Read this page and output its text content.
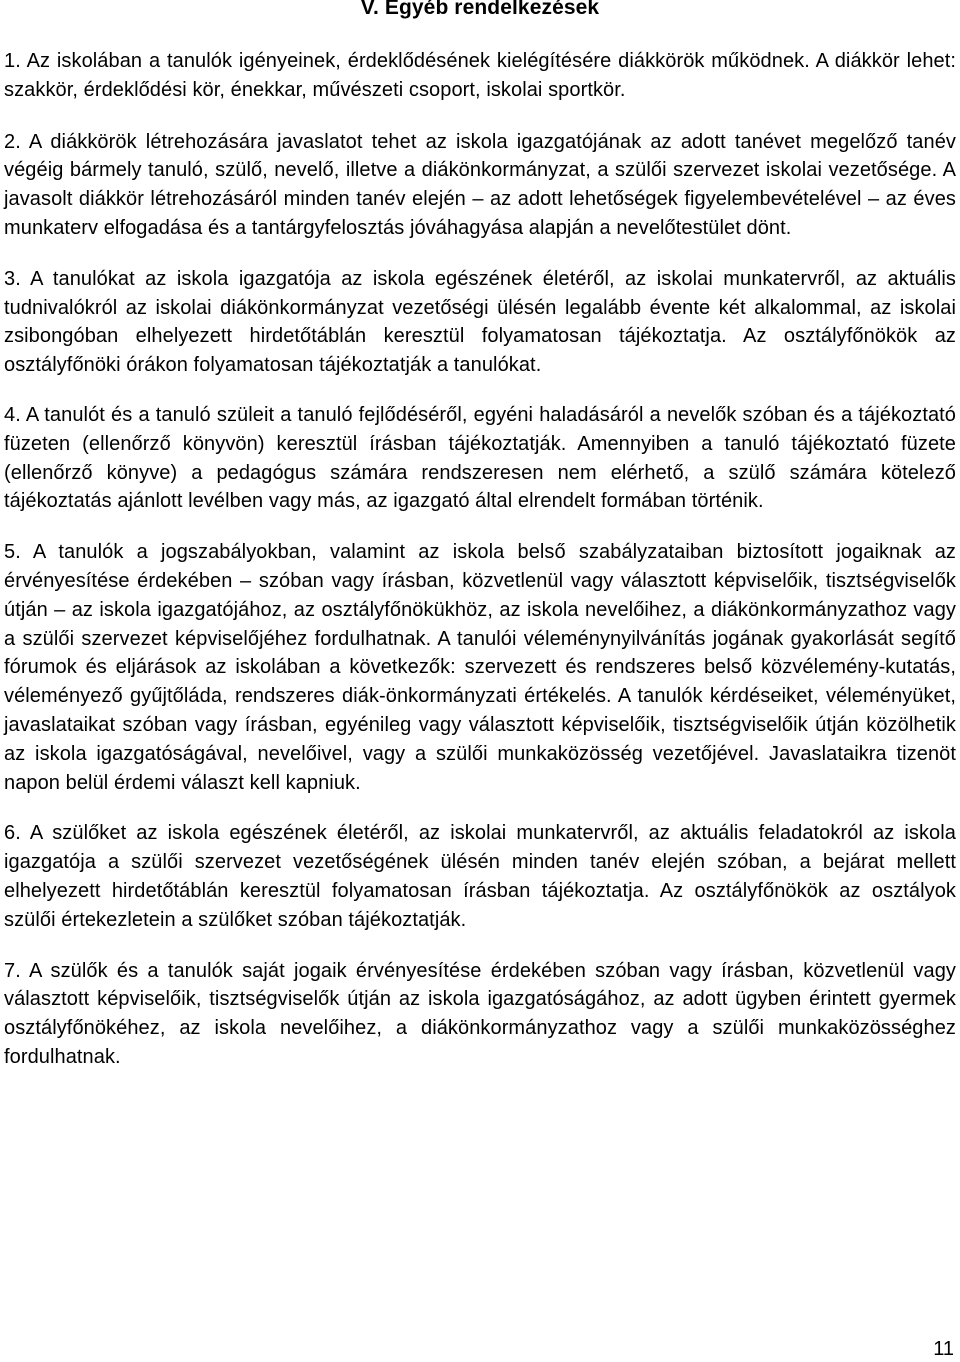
V. Egyéb rendelkezések

1. Az iskolában a tanulók igényeinek, érdeklődésének kielégítésére diákkörök működnek. A diákkör lehet: szakkör, érdeklődési kör, énekkar, művészeti csoport, iskolai sportkör.

2. A diákkörök létrehozására javaslatot tehet az iskola igazgatójának az adott tanévet megelőző tanév végéig bármely tanuló, szülő, nevelő, illetve a diákönkormányzat, a szülői szervezet iskolai vezetősége. A javasolt diákkör létrehozásáról minden tanév elején – az adott lehetőségek figyelembevételével – az éves munkaterv elfogadása és a tantárgyfelosztás jóváhagyása alapján a nevelőtestület dönt.

3. A tanulókat az iskola igazgatója az iskola egészének életéről, az iskolai munkatervről, az aktuális tudnivalókról az iskolai diákönkormányzat vezetőségi ülésén legalább évente két alkalommal, az iskolai zsibongóban elhelyezett hirdetőtáblán keresztül folyamatosan tájékoztatja. Az osztályfőnökök az osztályfőnöki órákon folyamatosan tájékoztatják a tanulókat.

4. A tanulót és a tanuló szüleit a tanuló fejlődéséről, egyéni haladásáról a nevelők szóban és a tájékoztató füzeten (ellenőrző könyvön) keresztül írásban tájékoztatják. Amennyiben a tanuló tájékoztató füzete (ellenőrző könyve) a pedagógus számára rendszeresen nem elérhető, a szülő számára kötelező tájékoztatás ajánlott levélben vagy más, az igazgató által elrendelt formában történik.

5. A tanulók a jogszabályokban, valamint az iskola belső szabályzataiban biztosított jogaiknak az érvényesítése érdekében – szóban vagy írásban, közvetlenül vagy választott képviselőik, tisztségviselők útján – az iskola igazgatójához, az osztályfőnökükhöz, az iskola nevelőihez, a diákönkormányzathoz vagy a szülői szervezet képviselőjéhez fordulhatnak. A tanulói véleménynyilvánítás jogának gyakorlását segítő fórumok és eljárások az iskolában a következők: szervezett és rendszeres belső közvélemény-kutatás, véleményező gyűjtőláda, rendszeres diák-önkormányzati értékelés. A tanulók kérdéseiket, véleményüket, javaslataikat szóban vagy írásban, egyénileg vagy választott képviselőik, tisztségviselőik útján közölhetik az iskola igazgatóságával, nevelőivel, vagy a szülői munkaközösség vezetőjével. Javaslataikra tizenöt napon belül érdemi választ kell kapniuk.

6. A szülőket az iskola egészének életéről, az iskolai munkatervről, az aktuális feladatokról az iskola igazgatója a szülői szervezet vezetőségének ülésén minden tanév elején szóban, a bejárat mellett elhelyezett hirdetőtáblán keresztül folyamatosan írásban tájékoztatja. Az osztályfőnökök az osztályok szülői értekezletein a szülőket szóban tájékoztatják.

7. A szülők és a tanulók saját jogaik érvényesítése érdekében szóban vagy írásban, közvetlenül vagy választott képviselőik, tisztségviselők útján az iskola igazgatóságához, az adott ügyben érintett gyermek osztályfőnökéhez, az iskola nevelőihez, a diákönkormányzathoz vagy a szülői munkaközösséghez fordulhatnak.

11
